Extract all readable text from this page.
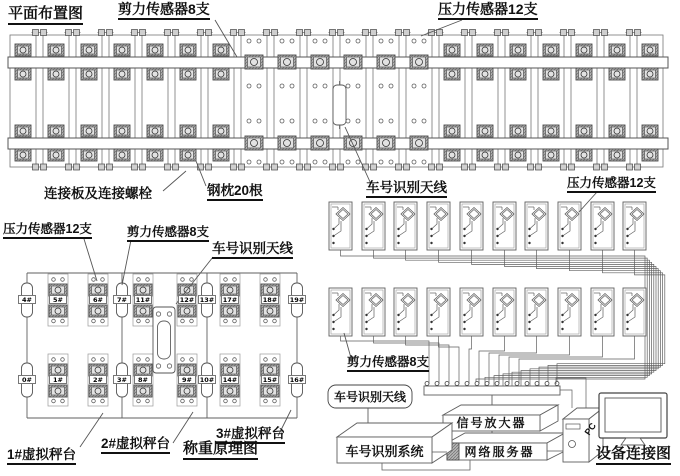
4#	5#	6#	7#	11#	12# 13# 17#	18# 19#
0#	1#	2#	3#	8#	9#	10# 14#	15# 16#
平面布置图 剪力传感器8支	压力传感器12支
连接板及连接螺栓	钢枕20根	车号识别天线
压力传感器12支	剪力传感器8支
车号识别天线
1#虚拟秤台
2#虚拟秤台
3#虚拟秤台
称重原理图
压力传感器12支
剪力传感器8支
车号识别天线
车号识别系统
信号放大器
网络服务器
PC
设备连接图
